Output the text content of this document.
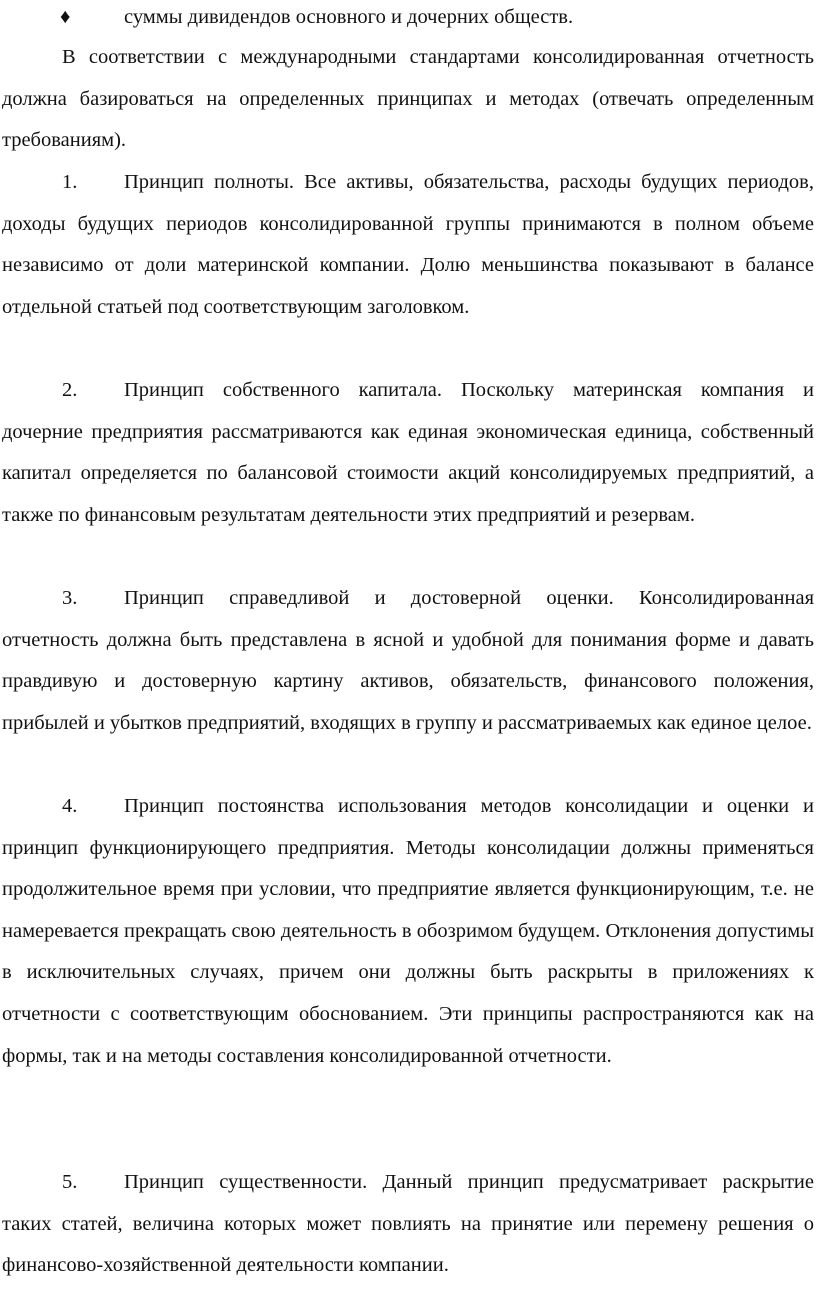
♦	суммы дивидендов основного и дочерних обществ.

В соответствии с международными стандартами консолидированная отчетность должна базироваться на определенных принципах и методах (отвечать определенным требованиям).

1. Принцип полноты. Все активы, обязательства, расходы будущих периодов, доходы будущих периодов консолидированной группы принимаются в полном объеме независимо от доли материнской компании. Долю меньшинства показывают в балансе отдельной статьей под соответствующим заголовком.

2. Принцип собственного капитала. Поскольку материнская компания и дочерние предприятия рассматриваются как единая экономическая единица, собственный капитал определяется по балансовой стоимости акций консолидируемых предприятий, а также по финансовым результатам деятельности этих предприятий и резервам.

3. Принцип справедливой и достоверной оценки. Консолидированная отчетность должна быть представлена в ясной и удобной для понимания форме и давать правдивую и достоверную картину активов, обязательств, финансового положения, прибылей и убытков предприятий, входящих в группу и рассматриваемых как единое целое.

4. Принцип постоянства использования методов консолидации и оценки и принцип функционирующего предприятия. Методы консолидации должны применяться продолжительное время при условии, что предприятие является функционирующим, т.е. не намеревается прекращать свою деятельность в обозримом будущем. Отклонения допустимы в исключительных случаях, причем они должны быть раскрыты в приложениях к отчетности с соответствующим обоснованием. Эти принципы распространяются как на формы, так и на методы составления консолидированной отчетности.

5. Принцип существенности. Данный принцип предусматривает раскрытие таких статей, величина которых может повлиять на принятие или перемену решения о финансово-хозяйственной деятельности компании.
